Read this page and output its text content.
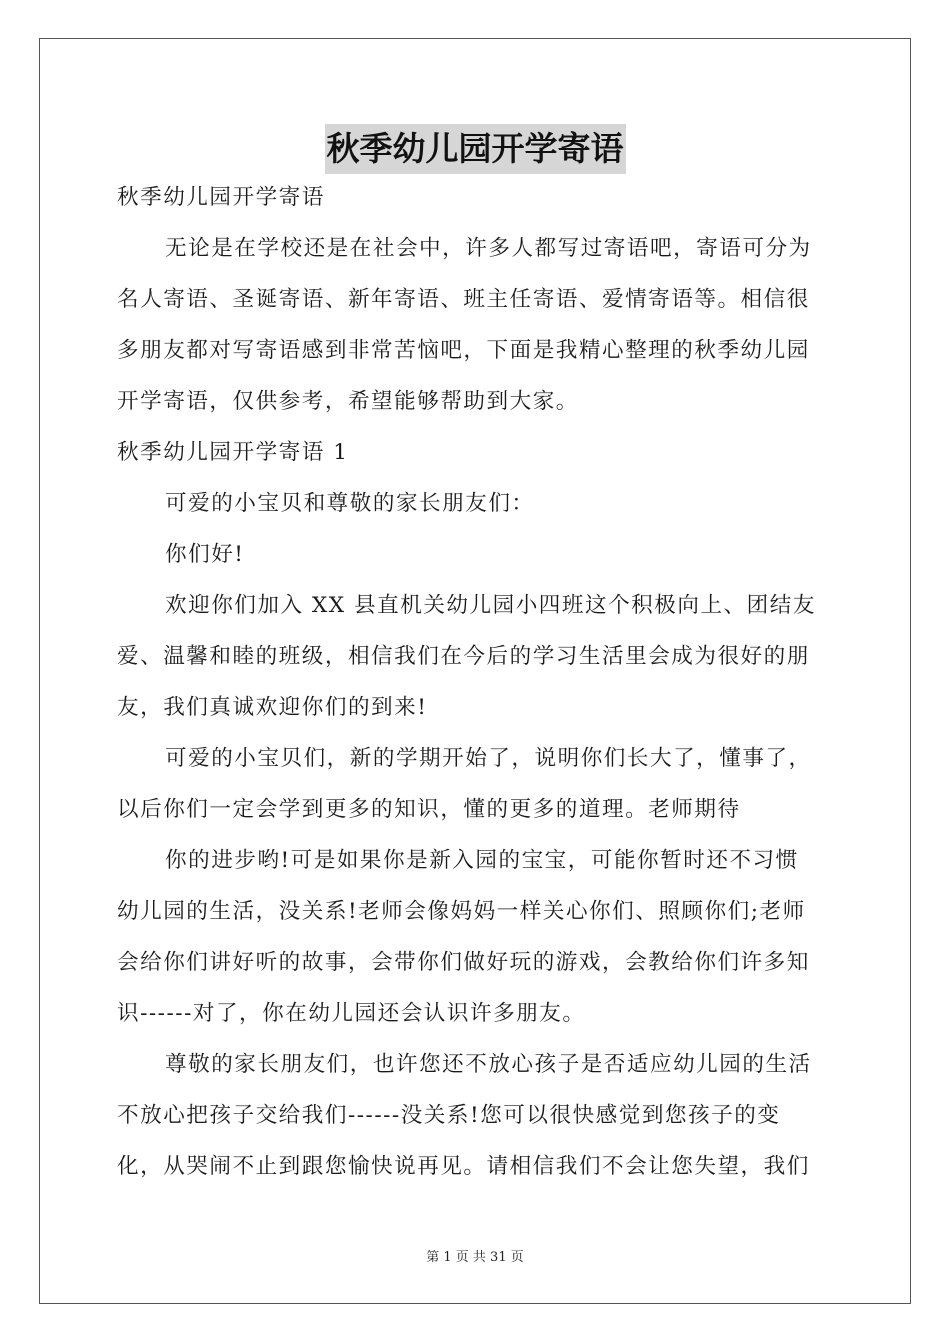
秋季幼儿园开学寄语
秋季幼儿园开学寄语
无论是在学校还是在社会中，许多人都写过寄语吧，寄语可分为
名人寄语、圣诞寄语、新年寄语、班主任寄语、爱情寄语等。相信很
多朋友都对写寄语感到非常苦恼吧，下面是我精心整理的秋季幼儿园
开学寄语，仅供参考，希望能够帮助到大家。
秋季幼儿园开学寄语 1
可爱的小宝贝和尊敬的家长朋友们：
你们好!
欢迎你们加入 XX 县直机关幼儿园小四班这个积极向上、团结友
爱、温馨和睦的班级，相信我们在今后的学习生活里会成为很好的朋
友，我们真诚欢迎你们的到来!
可爱的小宝贝们，新的学期开始了，说明你们长大了，懂事了，
以后你们一定会学到更多的知识，懂的更多的道理。老师期待
你的进步哟!可是如果你是新入园的宝宝，可能你暂时还不习惯
幼儿园的生活，没关系!老师会像妈妈一样关心你们、照顾你们;老师
会给你们讲好听的故事，会带你们做好玩的游戏，会教给你们许多知
识------对了，你在幼儿园还会认识许多朋友。
尊敬的家长朋友们，也许您还不放心孩子是否适应幼儿园的生活
不放心把孩子交给我们------没关系!您可以很快感觉到您孩子的变
化，从哭闹不止到跟您愉快说再见。请相信我们不会让您失望，我们
第 1 页 共 31 页
